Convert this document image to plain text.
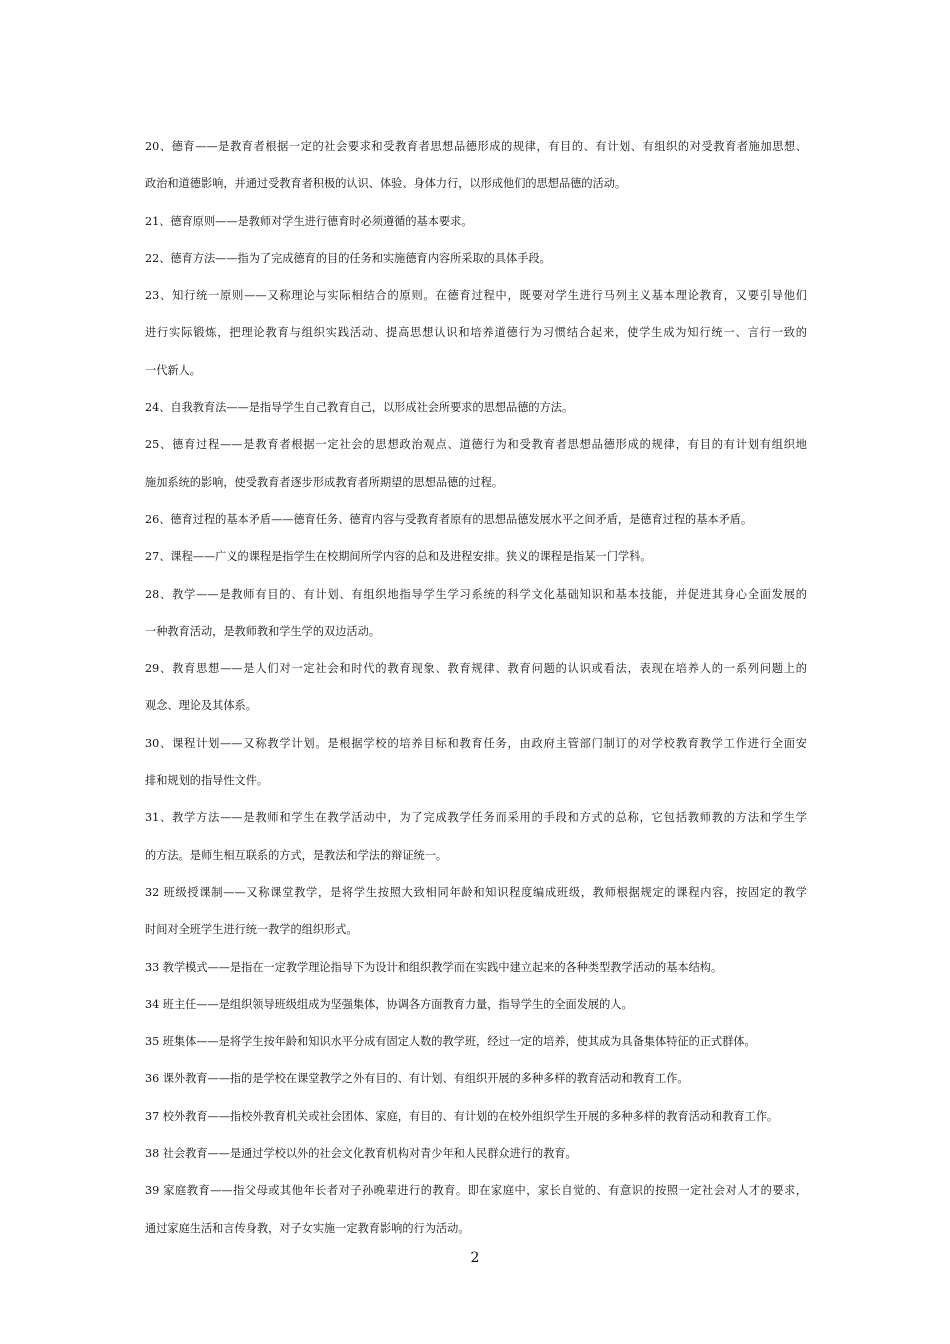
20、德育——是教育者根据一定的社会要求和受教育者思想品德形成的规律，有目的、有计划、有组织的对受教育者施加思想、
政治和道德影响，并通过受教育者积极的认识、体验、身体力行，以形成他们的思想品德的活动。
21、德育原则——是教师对学生进行德育时必须遵循的基本要求。
22、德育方法——指为了完成德育的目的任务和实施德育内容所采取的具体手段。
23、知行统一原则——又称理论与实际相结合的原则。在德育过程中，既要对学生进行马列主义基本理论教育，又要引导他们
进行实际锻炼，把理论教育与组织实践活动、提高思想认识和培养道德行为习惯结合起来，使学生成为知行统一、言行一致的
一代新人。
24、自我教育法——是指导学生自己教育自己，以形成社会所要求的思想品德的方法。
25、德育过程——是教育者根据一定社会的思想政治观点、道德行为和受教育者思想品德形成的规律，有目的有计划有组织地
施加系统的影响，使受教育者逐步形成教育者所期望的思想品德的过程。
26、德育过程的基本矛盾——德育任务、德育内容与受教育者原有的思想品德发展水平之间矛盾，是德育过程的基本矛盾。
27、课程——广义的课程是指学生在校期间所学内容的总和及进程安排。狭义的课程是指某一门学科。
28、教学——是教师有目的、有计划、有组织地指导学生学习系统的科学文化基础知识和基本技能，并促进其身心全面发展的
一种教育活动，是教师教和学生学的双边活动。
29、教育思想——是人们对一定社会和时代的教育现象、教育规律、教育问题的认识或看法，表现在培养人的一系列问题上的
观念、理论及其体系。
30、课程计划——又称教学计划。是根据学校的培养目标和教育任务，由政府主管部门制订的对学校教育教学工作进行全面安
排和规划的指导性文件。
31、教学方法——是教师和学生在教学活动中，为了完成教学任务而采用的手段和方式的总称，它包括教师教的方法和学生学
的方法。是师生相互联系的方式，是教法和学法的辩证统一。
32 班级授课制——又称课堂教学，是将学生按照大致相同年龄和知识程度编成班级，教师根据规定的课程内容，按固定的教学
时间对全班学生进行统一教学的组织形式。
33 教学模式——是指在一定教学理论指导下为设计和组织教学而在实践中建立起来的各种类型教学活动的基本结构。
34 班主任——是组织领导班级组成为坚强集体，协调各方面教育力量，指导学生的全面发展的人。
35 班集体——是将学生按年龄和知识水平分成有固定人数的教学班，经过一定的培养，使其成为具备集体特征的正式群体。
36 课外教育——指的是学校在课堂教学之外有目的、有计划、有组织开展的多种多样的教育活动和教育工作。
37 校外教育——指校外教育机关或社会团体、家庭，有目的、有计划的在校外组织学生开展的多种多样的教育活动和教育工作。
38 社会教育——是通过学校以外的社会文化教育机构对青少年和人民群众进行的教育。
39 家庭教育——指父母或其他年长者对子孙晚辈进行的教育。即在家庭中，家长自觉的、有意识的按照一定社会对人才的要求，
通过家庭生活和言传身教，对子女实施一定教育影响的行为活动。
2
